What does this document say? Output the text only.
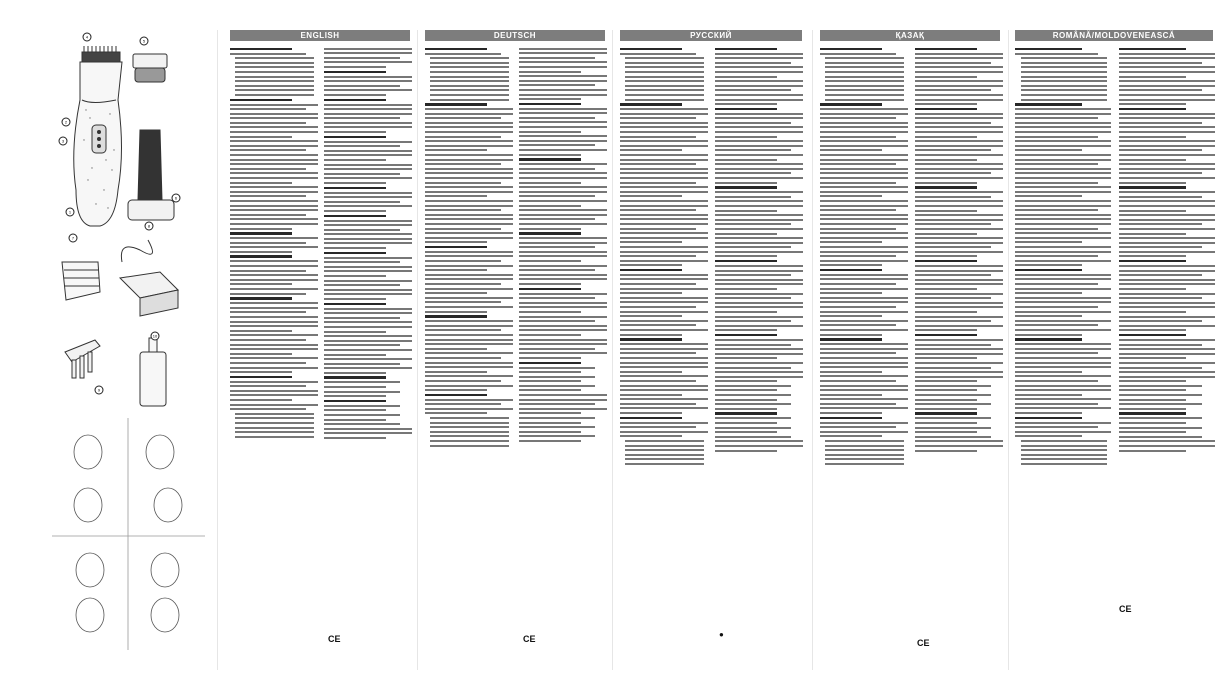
4
5
2
3
1
6
7
8
9
10
ENGLISH
CE
DEUTSCH
CE
РУССКИЙ
●
ҚАЗАҚ
CE
ROMÂNĂ/MOLDOVENEASCĂ
CE
